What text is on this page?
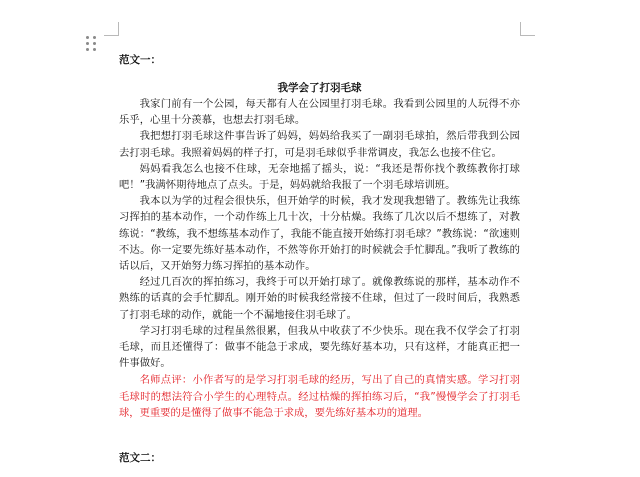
范文一：
我学会了打羽毛球

我家门前有一个公园，每天都有人在公园里打羽毛球。我看到公园里的人玩得不亦乐乎，心里十分羡慕，也想去打羽毛球。

我把想打羽毛球这件事告诉了妈妈，妈妈给我买了一副羽毛球拍，然后带我到公园去打羽毛球。我照着妈妈的样子打，可是羽毛球似乎非常调皮，我怎么也接不住它。

妈妈看我怎么也接不住球，无奈地摇了摇头，说：“我还是帮你找个教练教你打球吧！”我满怀期待地点了点头。于是，妈妈就给我报了一个羽毛球培训班。

我本以为学的过程会很快乐，但开始学的时候，我才发现我想错了。教练先让我练习挥拍的基本动作，一个动作练上几十次，十分枯燥。我练了几次以后不想练了，对教练说：“教练，我不想练基本动作了，我能不能直接开始练打羽毛球？”教练说：“欲速则不达。你一定要先练好基本动作，不然等你开始打的时候就会手忙脚乱。”我听了教练的话以后，又开始努力练习挥拍的基本动作。

经过几百次的挥拍练习，我终于可以开始打球了。就像教练说的那样，基本动作不熟练的话真的会手忙脚乱。刚开始的时候我经常接不住球，但过了一段时间后，我熟悉了打羽毛球的动作，就能一个不漏地接住羽毛球了。

学习打羽毛球的过程虽然很累，但我从中收获了不少快乐。现在我不仅学会了打羽毛球，而且还懂得了：做事不能急于求成，要先练好基本功，只有这样，才能真正把一件事做好。

名师点评：小作者写的是学习打羽毛球的经历，写出了自己的真情实感。学习打羽毛球时的想法符合小学生的心理特点。经过枯燥的挥拍练习后，“我”慢慢学会了打羽毛球，更重要的是懂得了做事不能急于求成，要先练好基本功的道理。

范文二：
